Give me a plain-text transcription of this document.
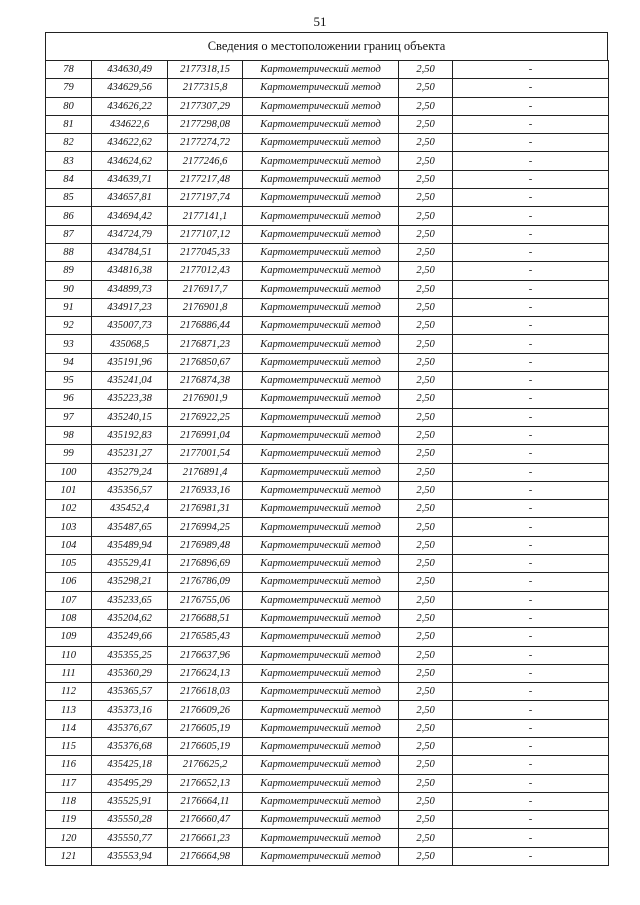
51
Сведения о местоположении границ объекта
78	434630,49	2177318,15	Картометрический метод	2,50	-
79	434629,56	2177315,8	Картометрический метод	2,50	-
80	434626,22	2177307,29	Картометрический метод	2,50	-
81	434622,6	2177298,08	Картометрический метод	2,50	-
82	434622,62	2177274,72	Картометрический метод	2,50	-
83	434624,62	2177246,6	Картометрический метод	2,50	-
84	434639,71	2177217,48	Картометрический метод	2,50	-
85	434657,81	2177197,74	Картометрический метод	2,50	-
86	434694,42	2177141,1	Картометрический метод	2,50	-
87	434724,79	2177107,12	Картометрический метод	2,50	-
88	434784,51	2177045,33	Картометрический метод	2,50	-
89	434816,38	2177012,43	Картометрический метод	2,50	-
90	434899,73	2176917,7	Картометрический метод	2,50	-
91	434917,23	2176901,8	Картометрический метод	2,50	-
92	435007,73	2176886,44	Картометрический метод	2,50	-
93	435068,5	2176871,23	Картометрический метод	2,50	-
94	435191,96	2176850,67	Картометрический метод	2,50	-
95	435241,04	2176874,38	Картометрический метод	2,50	-
96	435223,38	2176901,9	Картометрический метод	2,50	-
97	435240,15	2176922,25	Картометрический метод	2,50	-
98	435192,83	2176991,04	Картометрический метод	2,50	-
99	435231,27	2177001,54	Картометрический метод	2,50	-
100	435279,24	2176891,4	Картометрический метод	2,50	-
101	435356,57	2176933,16	Картометрический метод	2,50	-
102	435452,4	2176981,31	Картометрический метод	2,50	-
103	435487,65	2176994,25	Картометрический метод	2,50	-
104	435489,94	2176989,48	Картометрический метод	2,50	-
105	435529,41	2176896,69	Картометрический метод	2,50	-
106	435298,21	2176786,09	Картометрический метод	2,50	-
107	435233,65	2176755,06	Картометрический метод	2,50	-
108	435204,62	2176688,51	Картометрический метод	2,50	-
109	435249,66	2176585,43	Картометрический метод	2,50	-
110	435355,25	2176637,96	Картометрический метод	2,50	-
111	435360,29	2176624,13	Картометрический метод	2,50	-
112	435365,57	2176618,03	Картометрический метод	2,50	-
113	435373,16	2176609,26	Картометрический метод	2,50	-
114	435376,67	2176605,19	Картометрический метод	2,50	-
115	435376,68	2176605,19	Картометрический метод	2,50	-
116	435425,18	2176625,2	Картометрический метод	2,50	-
117	435495,29	2176652,13	Картометрический метод	2,50	-
118	435525,91	2176664,11	Картометрический метод	2,50	-
119	435550,28	2176660,47	Картометрический метод	2,50	-
120	435550,77	2176661,23	Картометрический метод	2,50	-
121	435553,94	2176664,98	Картометрический метод	2,50	-
